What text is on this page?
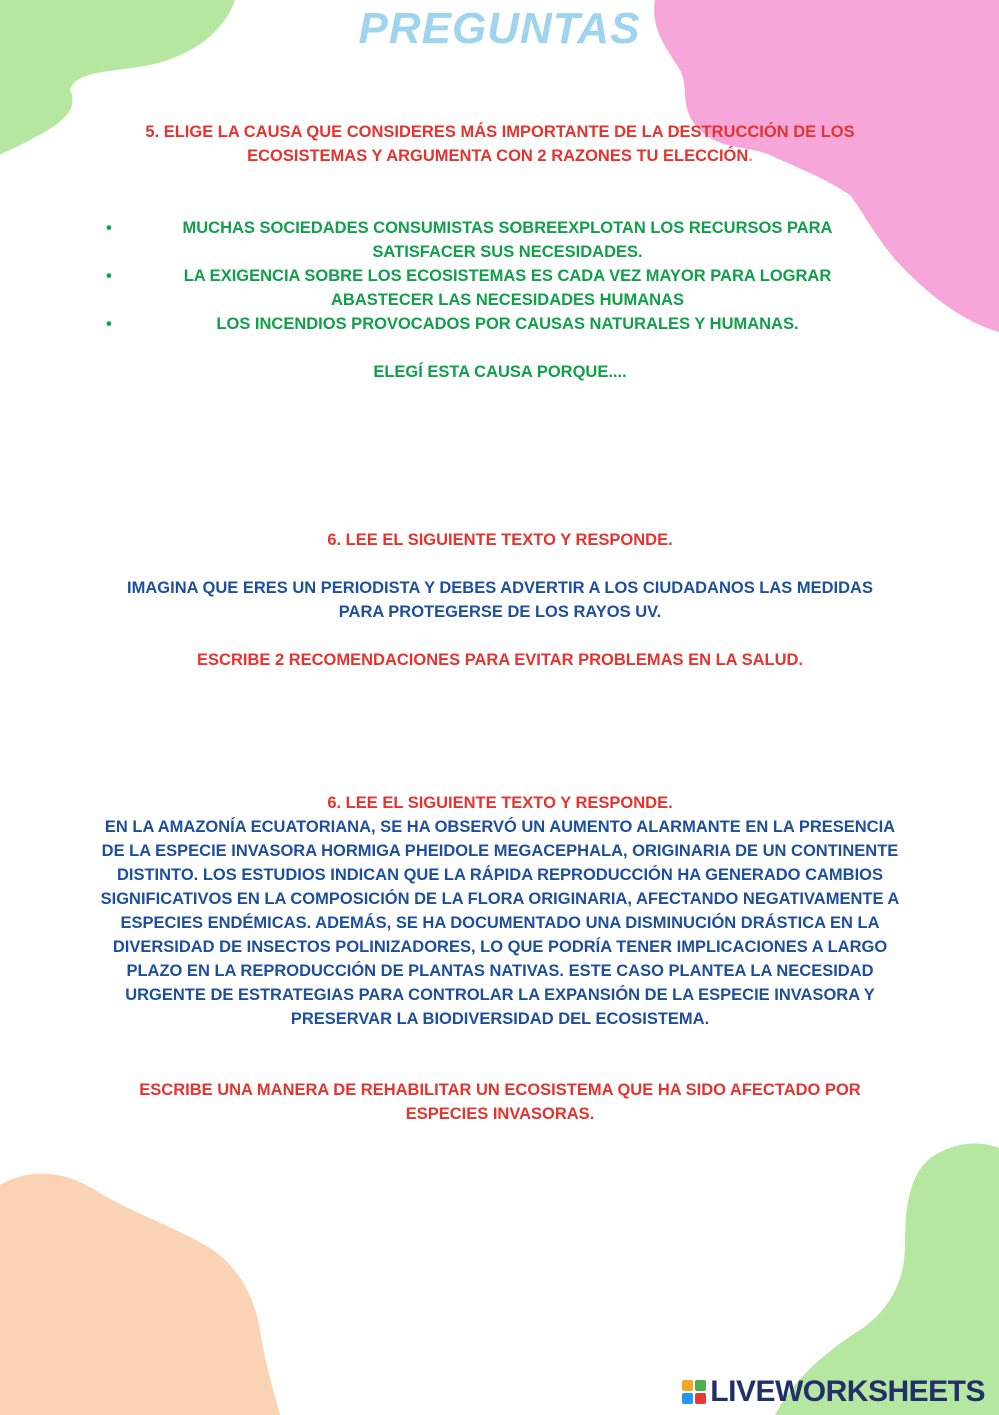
PREGUNTAS
5. ELIGE LA CAUSA QUE CONSIDERES MÁS IMPORTANTE DE LA DESTRUCCIÓN DE LOS ECOSISTEMAS Y ARGUMENTA CON 2 RAZONES TU ELECCIÓN.
•	MUCHAS SOCIEDADES CONSUMISTAS SOBREEXPLOTAN LOS RECURSOS PARA SATISFACER SUS NECESIDADES.
•	LA EXIGENCIA SOBRE LOS ECOSISTEMAS ES CADA VEZ MAYOR PARA LOGRAR ABASTECER LAS NECESIDADES HUMANAS
•	LOS INCENDIOS PROVOCADOS POR CAUSAS NATURALES Y HUMANAS.
ELEGÍ ESTA CAUSA PORQUE....
6. LEE EL SIGUIENTE TEXTO Y RESPONDE.
IMAGINA QUE ERES UN PERIODISTA Y DEBES ADVERTIR A LOS CIUDADANOS LAS MEDIDAS PARA PROTEGERSE DE LOS RAYOS UV.
ESCRIBE 2 RECOMENDACIONES PARA EVITAR PROBLEMAS EN LA SALUD.
6. LEE EL SIGUIENTE TEXTO Y RESPONDE.
EN LA AMAZONÍA ECUATORIANA, SE HA OBSERVÓ UN AUMENTO ALARMANTE EN LA PRESENCIA DE LA ESPECIE INVASORA HORMIGA PHEIDOLE MEGACEPHALA, ORIGINARIA DE UN CONTINENTE DISTINTO. LOS ESTUDIOS INDICAN QUE LA RÁPIDA REPRODUCCIÓN HA GENERADO CAMBIOS SIGNIFICATIVOS EN LA COMPOSICIÓN DE LA FLORA ORIGINARIA, AFECTANDO NEGATIVAMENTE A ESPECIES ENDÉMICAS. ADEMÁS, SE HA DOCUMENTADO UNA DISMINUCIÓN DRÁSTICA EN LA DIVERSIDAD DE INSECTOS POLINIZADORES, LO QUE PODRÍA TENER IMPLICACIONES A LARGO PLAZO EN LA REPRODUCCIÓN DE PLANTAS NATIVAS. ESTE CASO PLANTEA LA NECESIDAD URGENTE DE ESTRATEGIAS PARA CONTROLAR LA EXPANSIÓN DE LA ESPECIE INVASORA Y PRESERVAR LA BIODIVERSIDAD DEL ECOSISTEMA.
ESCRIBE UNA MANERA DE REHABILITAR UN ECOSISTEMA QUE HA SIDO AFECTADO POR ESPECIES INVASORAS.
LIVEWORKSHEETS
